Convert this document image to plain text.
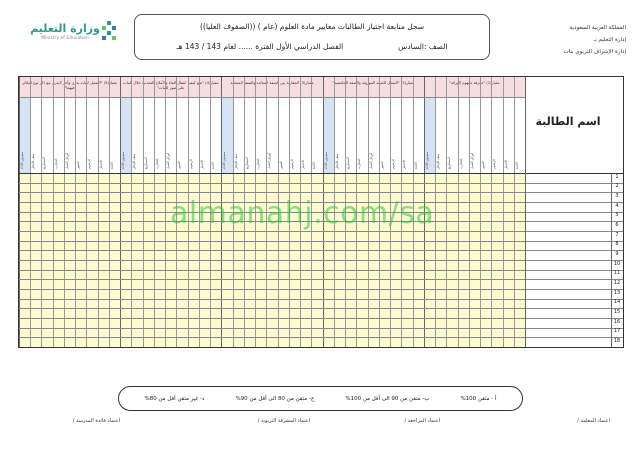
المملكة العربية السعودية
إدارة التعليم بـ
إدارة الإشراف التربوي بنات
وزارة التعليم
Ministry of Education
سجل متابعة اجتياز الطالبات معايير مادة العلوم (عام ) ((الصفوف العليا))
الصف :السادس
الفصل الدراسي الأول الفترة ...... لعام 143 / 143 هـ
اسم الطالبة
معيار(1) "معرفة مفهوم الوراثة"
الأداة
الاختبار
الرسوم
الصور
أوراق العمل
التجارب
المشاريع
ملف الإنجاز
مستوى الأداء
معيار(2) "التمثيل للصفة الموروثة والصفة المكتسبة"
الأداة
الاختبار
الرسوم
الصور
أوراق العمل
التجارب
المشاريع
ملف الإنجاز
مستوى الأداء
معيار(3) المقارنة بين الصفة السائدة والصفة المتنحية
الأداة
الاختبار
الرسوم
الصور
أوراق العمل
التجارب
المشاريع
ملف الإنجاز
مستوى الأداء
معيار(4) "تتبع كيفية انتقال الماء والأملاح المعدنية خلال النبات على صور للنبات"
الأداة
الاختبار
الرسوم
الصور
أوراق العمل
التجارب
المشاريع
ملف الإنجاز
مستوى الأداء
معيار(5) "التمثيل لنبات بذري وآخر لابذري مع ذكر نوع التكاثر فيهما"
الأداة
الاختبار
الرسوم
الصور
أوراق العمل
التجارب
المشاريع
ملف الإنجاز
مستوى الأداء
1
2
3
4
5
6
7
8
9
10
11
12
13
14
15
16
17
18
almanahj.com/sa
أ - متقن 100%
ب- متقن من 90 الى أقل من 100%
ج- متقن من 80 الى أقل من 90%
د- غير متقن أقل من 80%
اعتماد المعلمة /
اعتماد المراجعة /
اعتماد المشرفة التربوية /
اعتماد قائدة المدرسة /
